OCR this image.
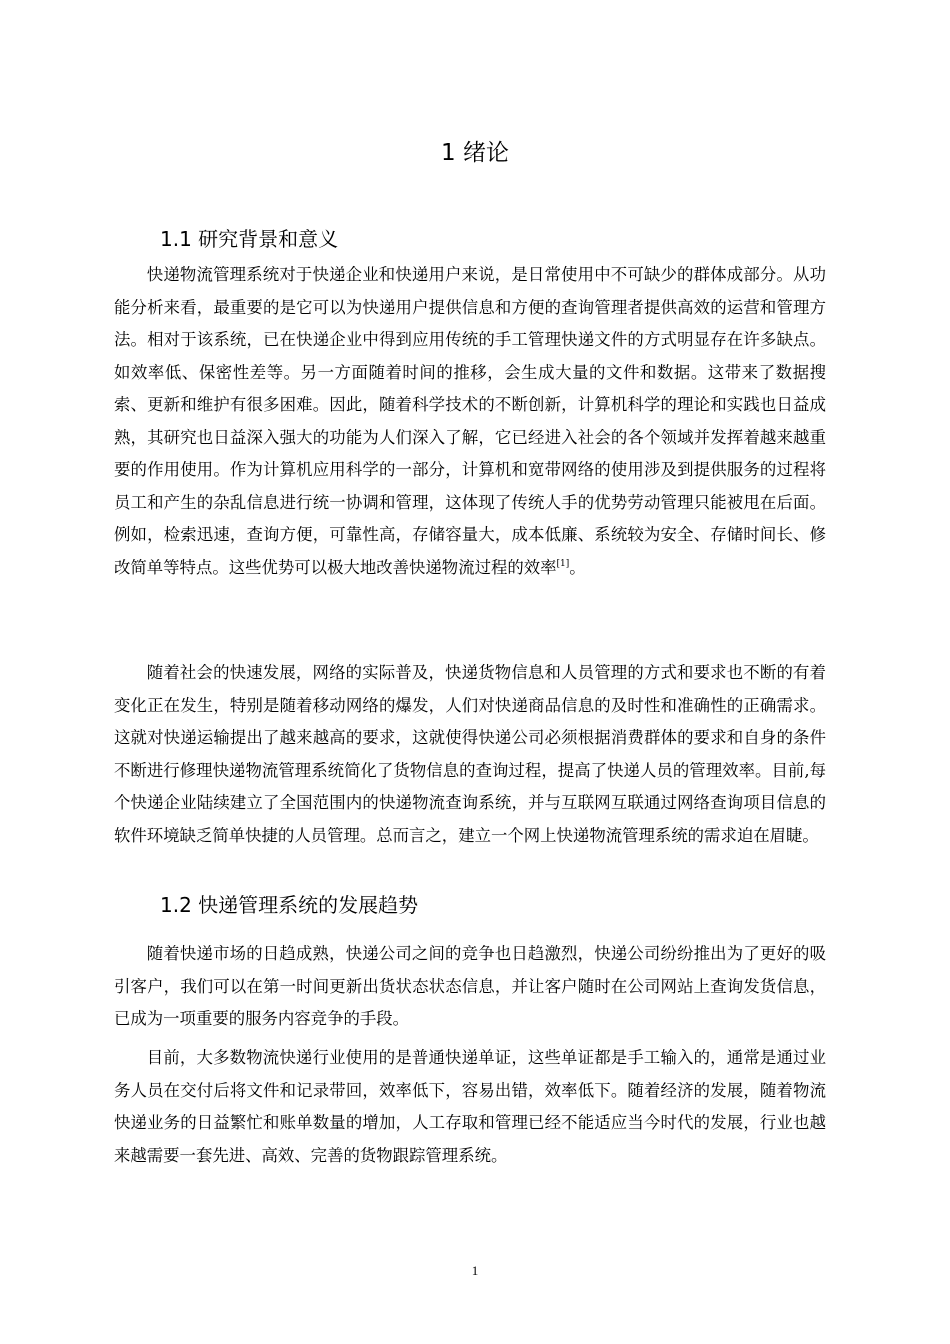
1 绪论
1.1 研究背景和意义

快递物流管理系统对于快递企业和快递用户来说，是日常使用中不可缺少的群体成部分。从功能分析来看，最重要的是它可以为快递用户提供信息和方便的查询管理者提供高效的运营和管理方法。相对于该系统，已在快递企业中得到应用传统的手工管理快递文件的方式明显存在许多缺点。如效率低、保密性差等。另一方面随着时间的推移，会生成大量的文件和数据。这带来了数据搜索、更新和维护有很多困难。因此，随着科学技术的不断创新，计算机科学的理论和实践也日益成熟，其研究也日益深入强大的功能为人们深入了解，它已经进入社会的各个领域并发挥着越来越重要的作用使用。作为计算机应用科学的一部分，计算机和宽带网络的使用涉及到提供服务的过程将员工和产生的杂乱信息进行统一协调和管理，这体现了传统人手的优势劳动管理只能被甩在后面。例如，检索迅速，查询方便，可靠性高，存储容量大，成本低廉、系统较为安全、存储时间长、修改简单等特点。这些优势可以极大地改善快递物流过程的效率[1]。

随着社会的快速发展，网络的实际普及，快递货物信息和人员管理的方式和要求也不断的有着变化正在发生，特别是随着移动网络的爆发，人们对快递商品信息的及时性和准确性的正确需求。这就对快递运输提出了越来越高的要求，这就使得快递公司必须根据消费群体的要求和自身的条件不断进行修理快递物流管理系统简化了货物信息的查询过程，提高了快递人员的管理效率。目前,每个快递企业陆续建立了全国范围内的快递物流查询系统，并与互联网互联通过网络查询项目信息的软件环境缺乏简单快捷的人员管理。总而言之，建立一个网上快递物流管理系统的需求迫在眉睫。

1.2 快递管理系统的发展趋势

随着快递市场的日趋成熟，快递公司之间的竞争也日趋激烈，快递公司纷纷推出为了更好的吸引客户，我们可以在第一时间更新出货状态状态信息，并让客户随时在公司网站上查询发货信息，已成为一项重要的服务内容竞争的手段。

目前，大多数物流快递行业使用的是普通快递单证，这些单证都是手工输入的，通常是通过业务人员在交付后将文件和记录带回，效率低下，容易出错，效率低下。随着经济的发展，随着物流快递业务的日益繁忙和账单数量的增加，人工存取和管理已经不能适应当今时代的发展，行业也越来越需要一套先进、高效、完善的货物跟踪管理系统。

1
